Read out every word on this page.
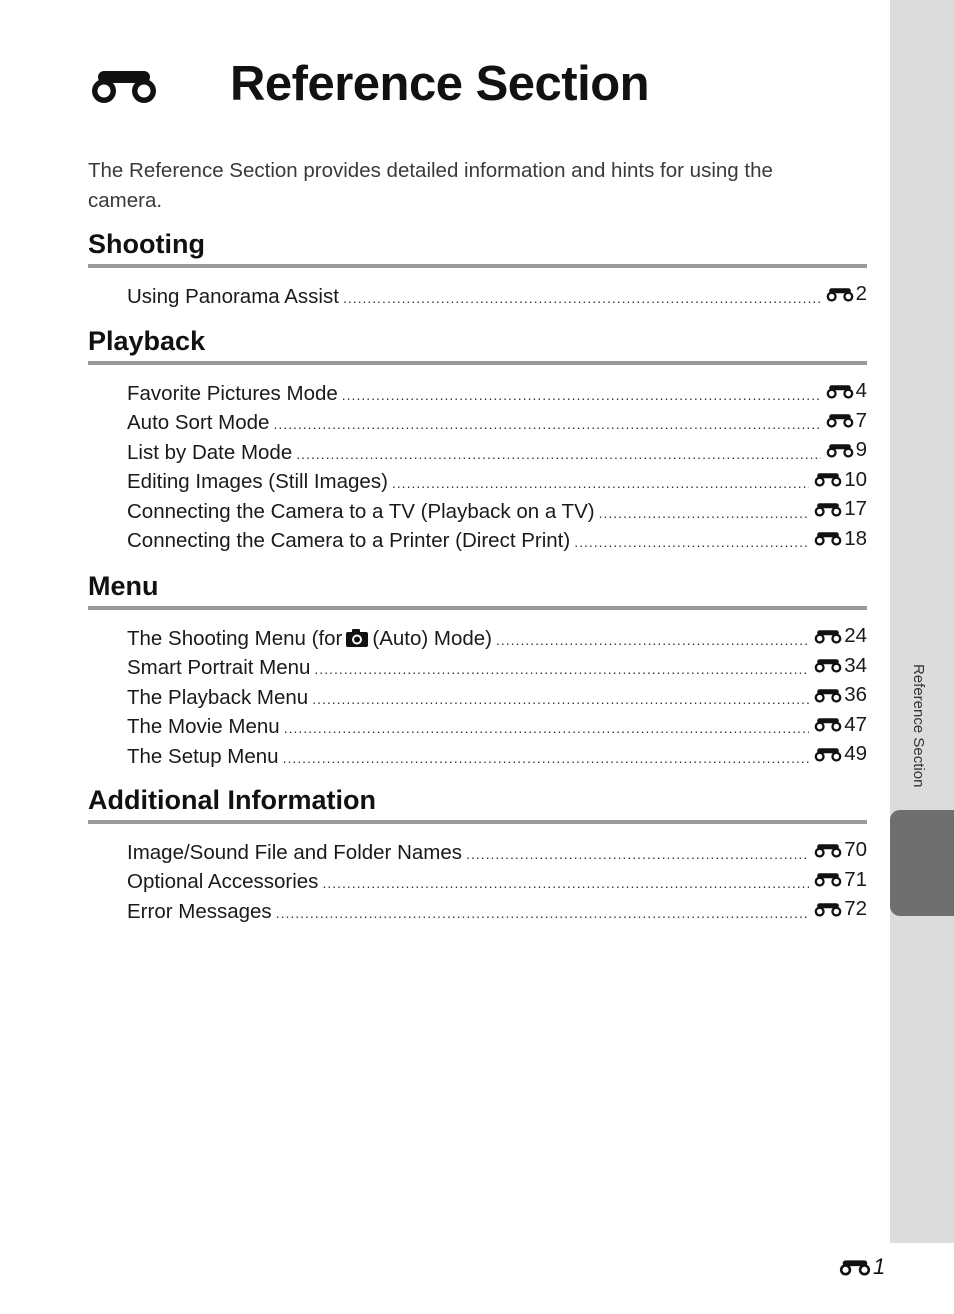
Reference Section
The Reference Section provides detailed information and hints for using the camera.
Shooting
Using Panorama Assist .....	2
Playback
Favorite Pictures Mode .....	4
Auto Sort Mode .....	7
List by Date Mode .....	9
Editing Images (Still Images) .....	10
Connecting the Camera to a TV (Playback on a TV) .....	17
Connecting the Camera to a Printer (Direct Print) .....	18
Menu
The Shooting Menu (for (Auto) Mode) .....	24
Smart Portrait Menu .....	34
The Playback Menu .....	36
The Movie Menu .....	47
The Setup Menu .....	49
Additional Information
Image/Sound File and Folder Names .....	70
Optional Accessories .....	71
Error Messages .....	72
Reference Section
1
